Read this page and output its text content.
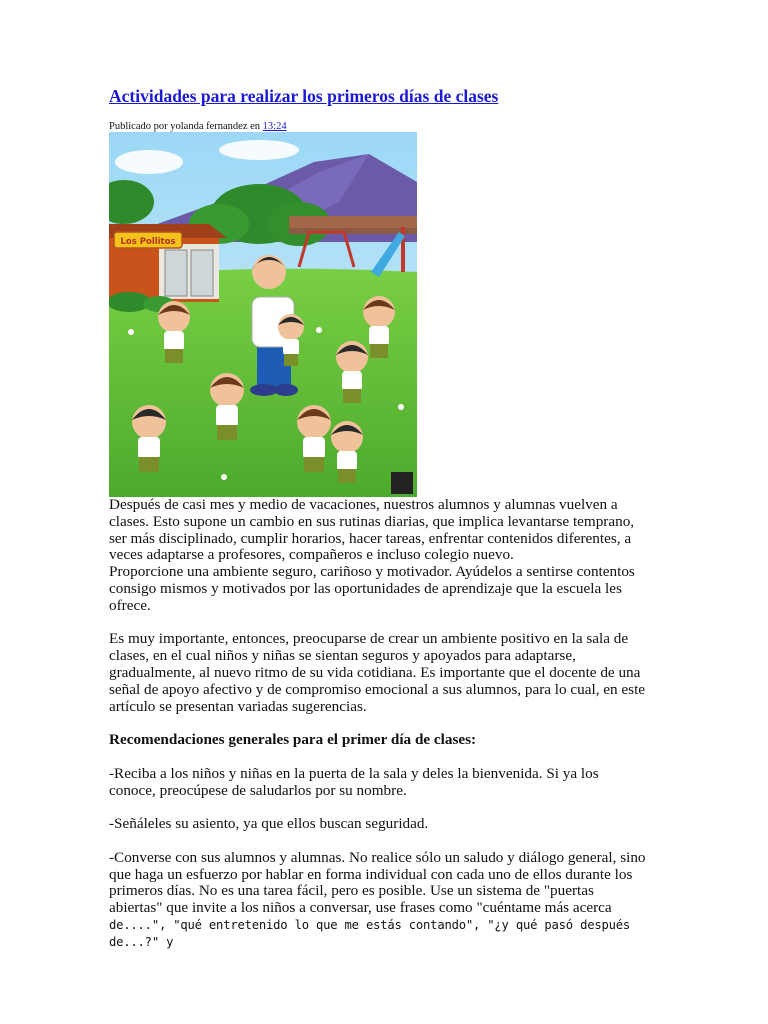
Actividades para realizar los primeros días de clases
Publicado por yolanda fernandez en 13:24
Los Pollitos

Después de casi mes y medio de vacaciones, nuestros alumnos y alumnas vuelven a

clases. Esto supone un cambio en sus rutinas diarias, que implica levantarse temprano,

ser más disciplinado, cumplir horarios, hacer tareas, enfrentar contenidos diferentes, a

veces adaptarse a profesores, compañeros e incluso colegio nuevo.

Proporcione una ambiente seguro, cariñoso y motivador. Ayúdelos a sentirse contentos

consigo mismos y motivados por las oportunidades de aprendizaje que la escuela les

ofrece.

Es muy importante, entonces, preocuparse de crear un ambiente positivo en la sala de

clases, en el cual niños y niñas se sientan seguros y apoyados para adaptarse,

gradualmente, al nuevo ritmo de su vida cotidiana. Es importante que el docente de una

señal de apoyo afectivo y de compromiso emocional a sus alumnos, para lo cual, en este

artículo se presentan variadas sugerencias.

Recomendaciones generales para el primer día de clases:

-Reciba a los niños y niñas en la puerta de la sala y deles la bienvenida. Si ya los

conoce, preocúpese de saludarlos por su nombre.

-Señáleles su asiento, ya que ellos buscan seguridad.

-Converse con sus alumnos y alumnas. No realice sólo un saludo y diálogo general, sino

que haga un esfuerzo por hablar en forma individual con cada uno de ellos durante los

primeros días. No es una tarea fácil, pero es posible. Use un sistema de "puertas

abiertas" que invite a los niños a conversar, use frases como "cuéntame más acerca

de....", "qué entretenido lo que me estás contando", "¿y qué pasó después de...?" y
